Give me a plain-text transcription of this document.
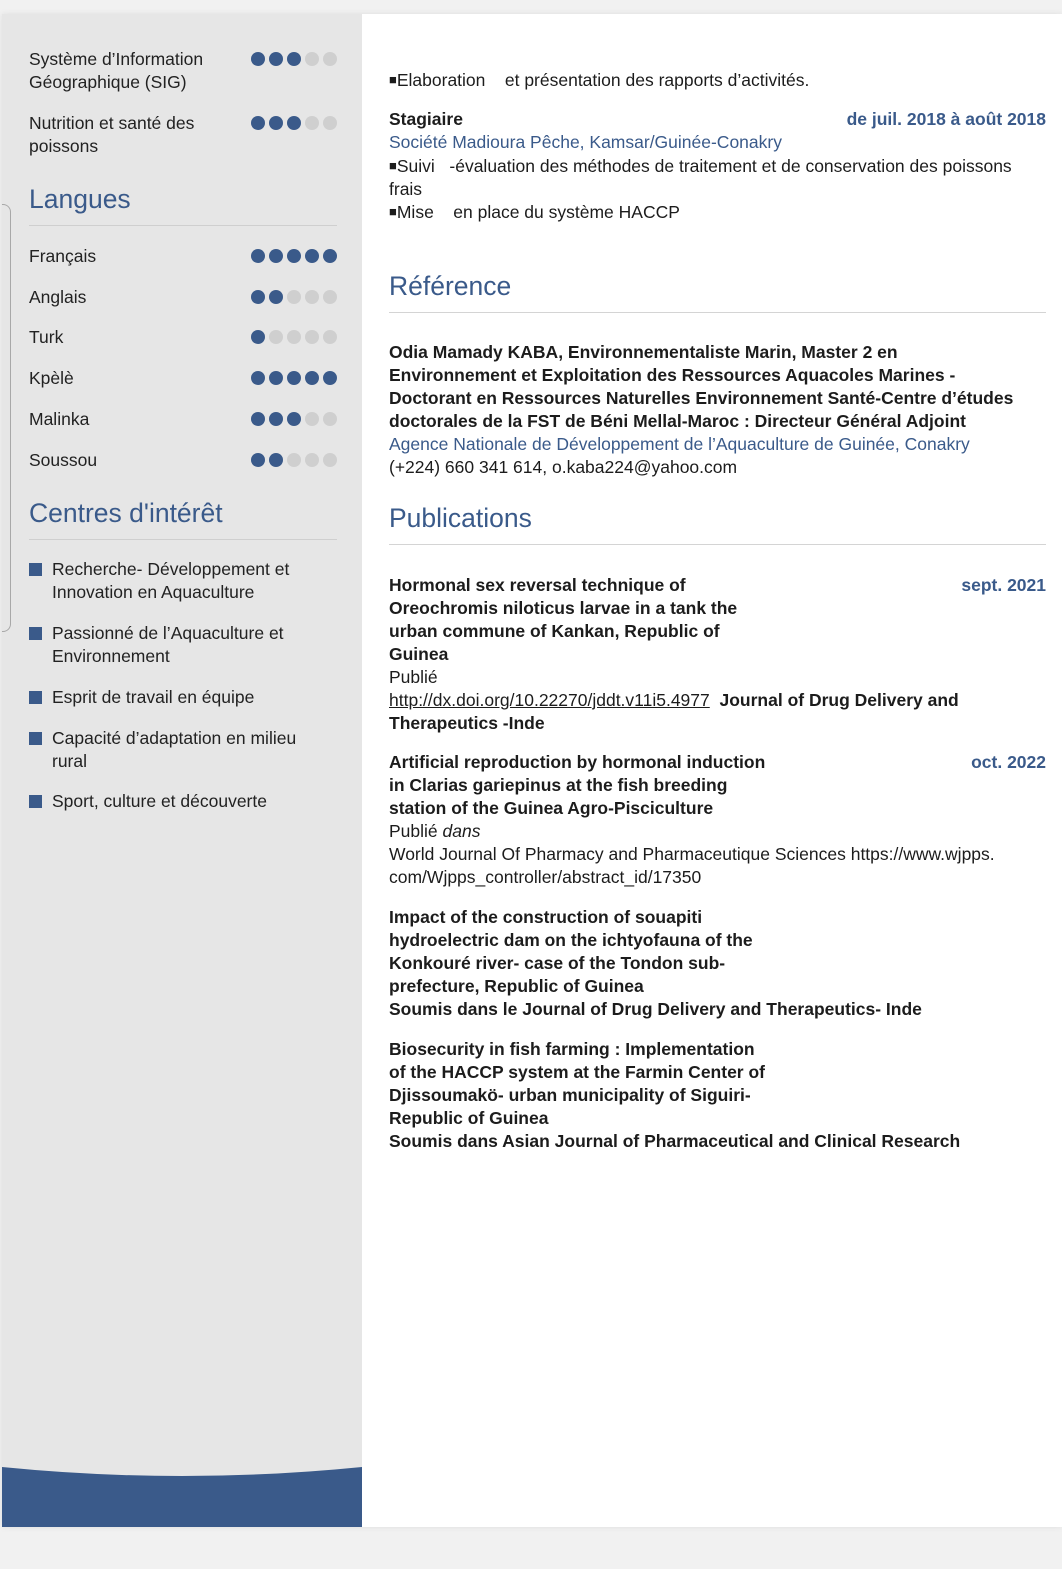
Système d’Information Géographique (SIG)
Nutrition et santé des poissons
Langues
Français
Anglais
Turk
Kpèlè
Malinka
Soussou
Centres d'intérêt
Recherche- Développement et Innovation en Aquaculture
Passionné de l’Aquaculture et Environnement
Esprit de travail en équipe
Capacité d’adaptation en milieu rural
Sport, culture et découverte
■Elaboration et présentation des rapports d’activités.
Stagiaire	de juil. 2018 à août 2018
Société Madioura Pêche, Kamsar/Guinée-Conakry
■Suivi -évaluation des méthodes de traitement et de conservation des poissons
frais
■Mise en place du système HACCP
Référence
Odia Mamady KABA, Environnementaliste Marin, Master 2 en
Environnement et Exploitation des Ressources Aquacoles Marines -
Doctorant en Ressources Naturelles Environnement Santé-Centre d’études
doctorales de la FST de Béni Mellal-Maroc : Directeur Général Adjoint
Agence Nationale de Développement de l’Aquaculture de Guinée, Conakry
(+224) 660 341 614, o.kaba224@yahoo.com
Publications
Hormonal sex reversal technique of
Oreochromis niloticus larvae in a tank the
urban commune of Kankan, Republic of
Guinea
sept. 2021
Publié
http://dx.doi.org/10.22270/jddt.v11i5.4977 Journal of Drug Delivery and
Therapeutics -Inde
Artificial reproduction by hormonal induction
in Clarias gariepinus at the fish breeding
station of the Guinea Agro-Pisciculture
oct. 2022
Publié dans
World Journal Of Pharmacy and Pharmaceutique Sciences https://www.wjpps.
com/Wjpps_controller/abstract_id/17350
Impact of the construction of souapiti
hydroelectric dam on the ichtyofauna of the
Konkouré river- case of the Tondon sub-
prefecture, Republic of Guinea
Soumis dans le Journal of Drug Delivery and Therapeutics- Inde
Biosecurity in fish farming : Implementation
of the HACCP system at the Farmin Center of
Djissoumakö- urban municipality of Siguiri-
Republic of Guinea
Soumis dans Asian Journal of Pharmaceutical and Clinical Research
